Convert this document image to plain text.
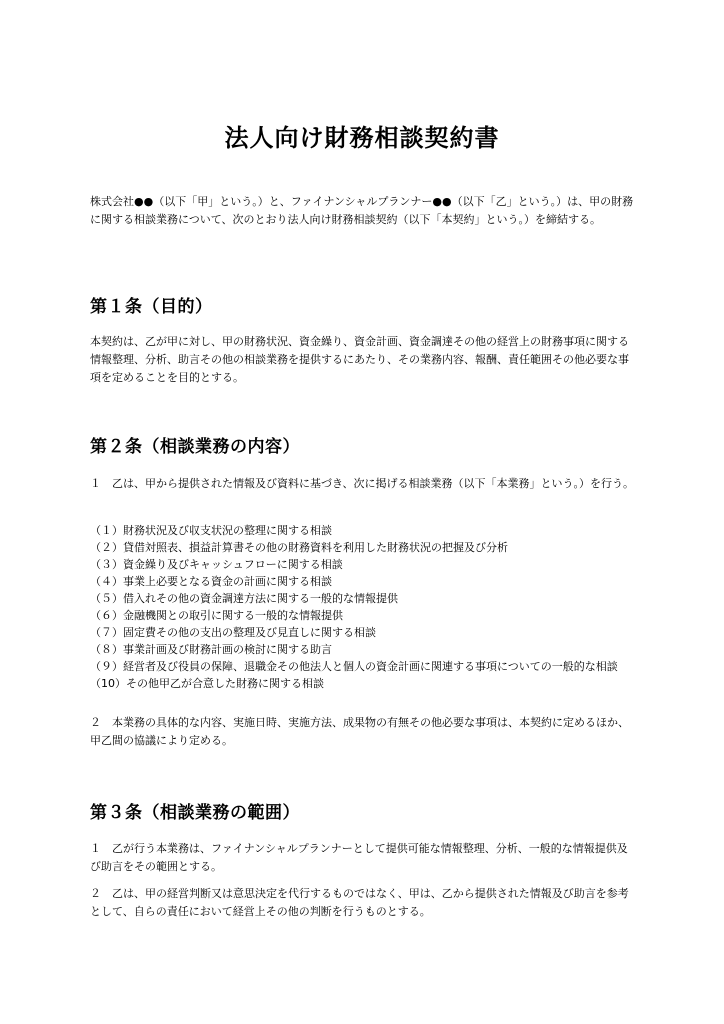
法人向け財務相談契約書

株式会社●●（以下「甲」という。）と、ファイナンシャルプランナー●●（以下「乙」という。）は、甲の財務に関する相談業務について、次のとおり法人向け財務相談契約（以下「本契約」という。）を締結する。

第１条（目的）

本契約は、乙が甲に対し、甲の財務状況、資金繰り、資金計画、資金調達その他の経営上の財務事項に関する情報整理、分析、助言その他の相談業務を提供するにあたり、その業務内容、報酬、責任範囲その他必要な事項を定めることを目的とする。

第２条（相談業務の内容）

１　乙は、甲から提供された情報及び資料に基づき、次に掲げる相談業務（以下「本業務」という。）を行う。

（１）財務状況及び収支状況の整理に関する相談

（２）貸借対照表、損益計算書その他の財務資料を利用した財務状況の把握及び分析

（３）資金繰り及びキャッシュフローに関する相談

（４）事業上必要となる資金の計画に関する相談

（５）借入れその他の資金調達方法に関する一般的な情報提供

（６）金融機関との取引に関する一般的な情報提供

（７）固定費その他の支出の整理及び見直しに関する相談

（８）事業計画及び財務計画の検討に関する助言

（９）経営者及び役員の保障、退職金その他法人と個人の資金計画に関連する事項についての一般的な相談

（10）その他甲乙が合意した財務に関する相談

２　本業務の具体的な内容、実施日時、実施方法、成果物の有無その他必要な事項は、本契約に定めるほか、甲乙間の協議により定める。

第３条（相談業務の範囲）

１　乙が行う本業務は、ファイナンシャルプランナーとして提供可能な情報整理、分析、一般的な情報提供及び助言をその範囲とする。

２　乙は、甲の経営判断又は意思決定を代行するものではなく、甲は、乙から提供された情報及び助言を参考として、自らの責任において経営上その他の判断を行うものとする。
